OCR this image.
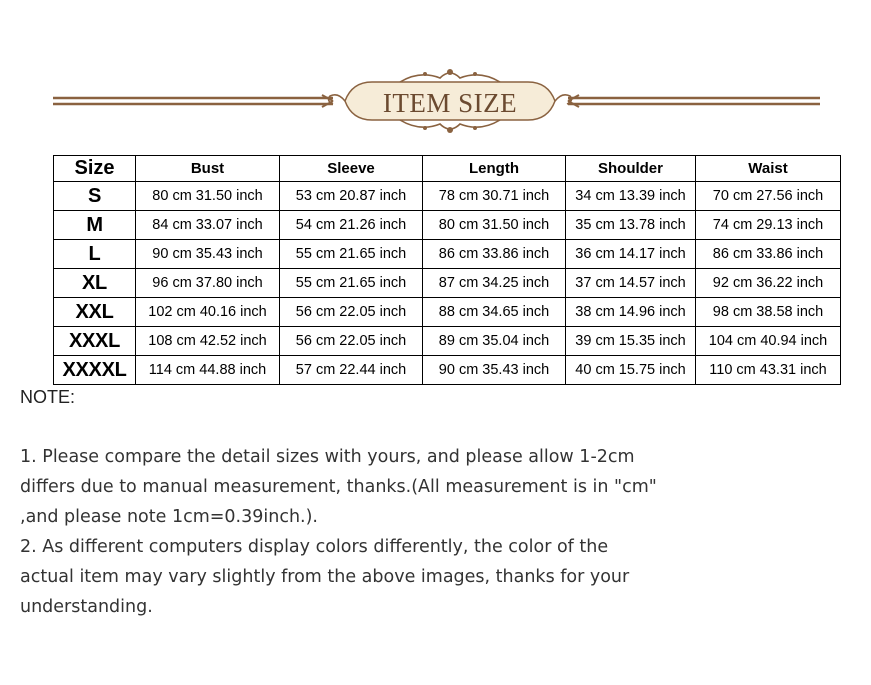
ITEM SIZE
Size	Bust	Sleeve	Length	Shoulder	Waist
S	80 cm 31.50 inch	53 cm 20.87 inch	78 cm 30.71 inch	34 cm 13.39 inch	70 cm 27.56 inch
M	84 cm 33.07 inch	54 cm 21.26 inch	80 cm 31.50 inch	35 cm 13.78 inch	74 cm 29.13 inch
L	90 cm 35.43 inch	55 cm 21.65 inch	86 cm 33.86 inch	36 cm 14.17 inch	86 cm 33.86 inch
XL	96 cm 37.80 inch	55 cm 21.65 inch	87 cm 34.25 inch	37 cm 14.57 inch	92 cm 36.22 inch
XXL	102 cm 40.16 inch	56 cm 22.05 inch	88 cm 34.65 inch	38 cm 14.96 inch	98 cm 38.58 inch
XXXL	108 cm 42.52 inch	56 cm 22.05 inch	89 cm 35.04 inch	39 cm 15.35 inch	104 cm 40.94 inch
XXXXL	114 cm 44.88 inch	57 cm 22.44 inch	90 cm 35.43 inch	40 cm 15.75 inch	110 cm 43.31 inch
NOTE:

1. Please compare the detail sizes with yours, and please allow 1-2cm

differs due to manual measurement, thanks.(All measurement is in "cm"

,and please note 1cm=0.39inch.).

2. As different computers display colors differently, the color of the

actual item may vary slightly from the above images, thanks for your

understanding.
